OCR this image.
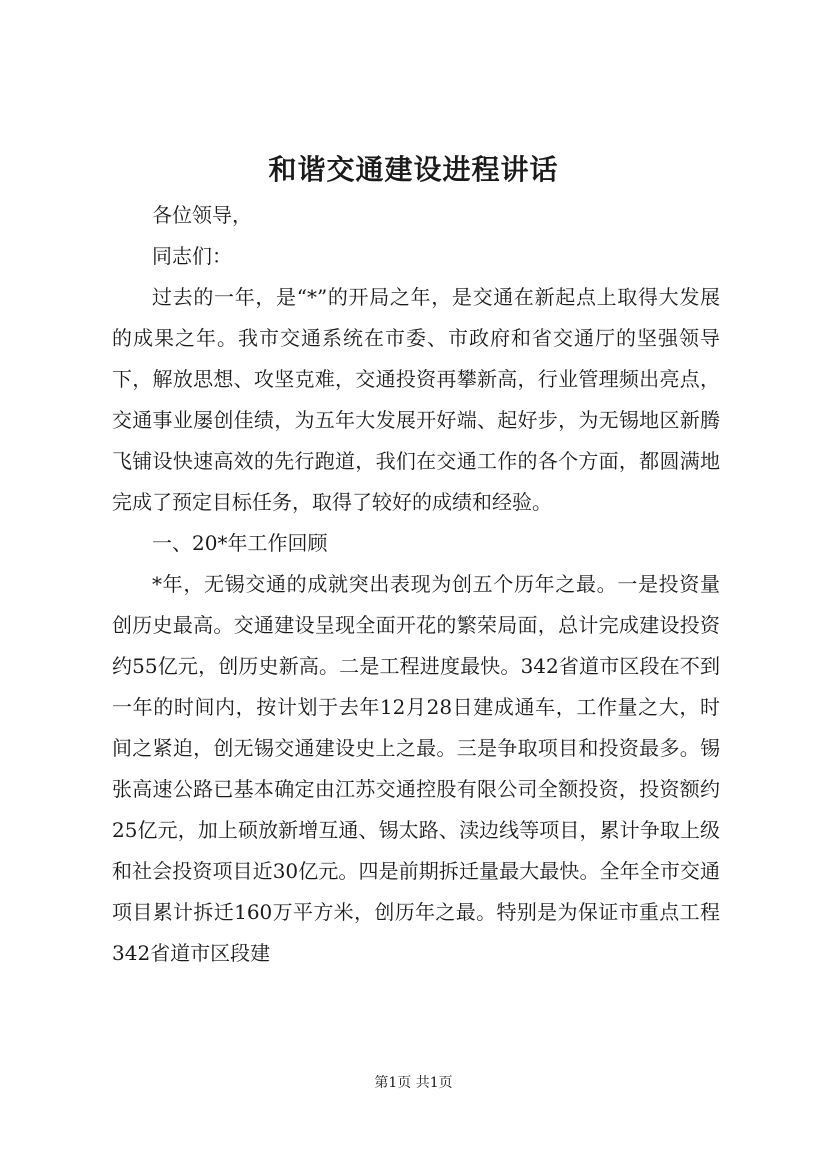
和谐交通建设进程讲话

各位领导，

同志们：

过去的一年，是“*”的开局之年，是交通在新起点上取得大发展的成果之年。我市交通系统在市委、市政府和省交通厅的坚强领导下，解放思想、攻坚克难，交通投资再攀新高，行业管理频出亮点，交通事业屡创佳绩，为五年大发展开好端、起好步，为无锡地区新腾飞铺设快速高效的先行跑道，我们在交通工作的各个方面，都圆满地完成了预定目标任务，取得了较好的成绩和经验。

一、20*年工作回顾

*年，无锡交通的成就突出表现为创五个历年之最。一是投资量创历史最高。交通建设呈现全面开花的繁荣局面，总计完成建设投资约55亿元，创历史新高。二是工程进度最快。342省道市区段在不到一年的时间内，按计划于去年12月28日建成通车，工作量之大，时间之紧迫，创无锡交通建设史上之最。三是争取项目和投资最多。锡张高速公路已基本确定由江苏交通控股有限公司全额投资，投资额约25亿元，加上硕放新增互通、锡太路、渎边线等项目，累计争取上级和社会投资项目近30亿元。四是前期拆迁量最大最快。全年全市交通项目累计拆迁160万平方米，创历年之最。特别是为保证市重点工程342省道市区段建

第1页 共1页
